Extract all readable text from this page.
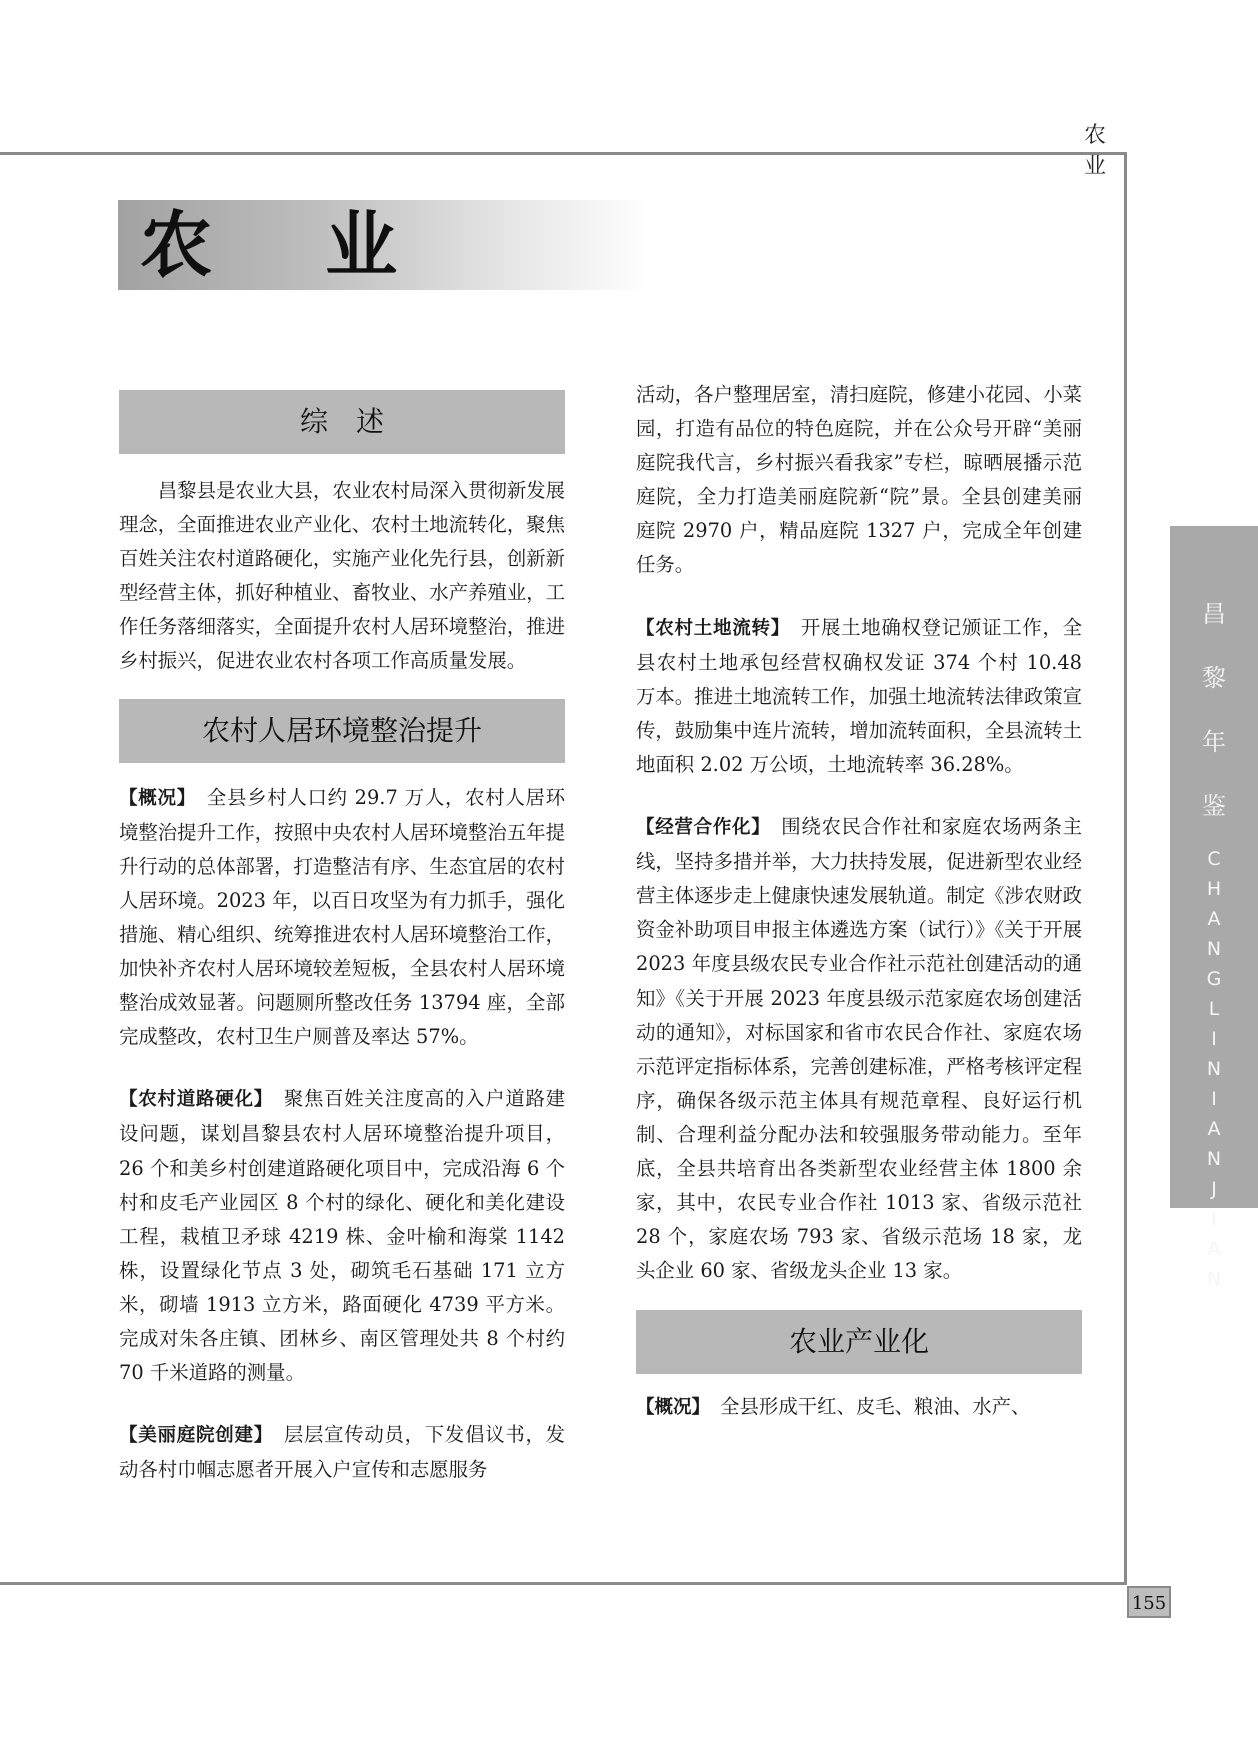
农业
155
昌
黎
年
鉴
C
H
A
N
G
L
I
N
I
A
N
J
I
A
N
农 业
综　述

昌黎县是农业大县，农业农村局深入贯彻新发展理念，全面推进农业产业化、农村土地流转化，聚焦百姓关注农村道路硬化，实施产业化先行县，创新新型经营主体，抓好种植业、畜牧业、水产养殖业，工作任务落细落实，全面提升农村人居环境整治，推进乡村振兴，促进农业农村各项工作高质量发展。

农村人居环境整治提升

【概况】　全县乡村人口约 29.7 万人，农村人居环境整治提升工作，按照中央农村人居环境整治五年提升行动的总体部署，打造整洁有序、生态宜居的农村人居环境。2023 年，以百日攻坚为有力抓手，强化措施、精心组织、统筹推进农村人居环境整治工作，加快补齐农村人居环境较差短板，全县农村人居环境整治成效显著。问题厕所整改任务 13794 座，全部完成整改，农村卫生户厕普及率达 57%。

【农村道路硬化】　聚焦百姓关注度高的入户道路建设问题，谋划昌黎县农村人居环境整治提升项目，26 个和美乡村创建道路硬化项目中，完成沿海 6 个村和皮毛产业园区 8 个村的绿化、硬化和美化建设工程，栽植卫矛球 4219 株、金叶榆和海棠 1142 株，设置绿化节点 3 处，砌筑毛石基础 171 立方米，砌墙 1913 立方米，路面硬化 4739 平方米。完成对朱各庄镇、团林乡、南区管理处共 8 个村约 70 千米道路的测量。

【美丽庭院创建】　层层宣传动员，下发倡议书，发动各村巾帼志愿者开展入户宣传和志愿服务

活动，各户整理居室，清扫庭院，修建小花园、小菜园，打造有品位的特色庭院，并在公众号开辟“美丽庭院我代言，乡村振兴看我家”专栏，晾晒展播示范庭院，全力打造美丽庭院新“院”景。全县创建美丽庭院 2970 户，精品庭院 1327 户，完成全年创建任务。

【农村土地流转】　开展土地确权登记颁证工作，全县农村土地承包经营权确权发证 374 个村 10.48 万本。推进土地流转工作，加强土地流转法律政策宣传，鼓励集中连片流转，增加流转面积，全县流转土地面积 2.02 万公顷，土地流转率 36.28%。

【经营合作化】　围绕农民合作社和家庭农场两条主线，坚持多措并举，大力扶持发展，促进新型农业经营主体逐步走上健康快速发展轨道。制定《涉农财政资金补助项目申报主体遴选方案（试行）》《关于开展 2023 年度县级农民专业合作社示范社创建活动的通知》《关于开展 2023 年度县级示范家庭农场创建活动的通知》，对标国家和省市农民合作社、家庭农场示范评定指标体系，完善创建标准，严格考核评定程序，确保各级示范主体具有规范章程、良好运行机制、合理利益分配办法和较强服务带动能力。至年底，全县共培育出各类新型农业经营主体 1800 余家，其中，农民专业合作社 1013 家、省级示范社 28 个，家庭农场 793 家、省级示范场 18 家，龙头企业 60 家、省级龙头企业 13 家。

农业产业化

【概况】　全县形成干红、皮毛、粮油、水产、
